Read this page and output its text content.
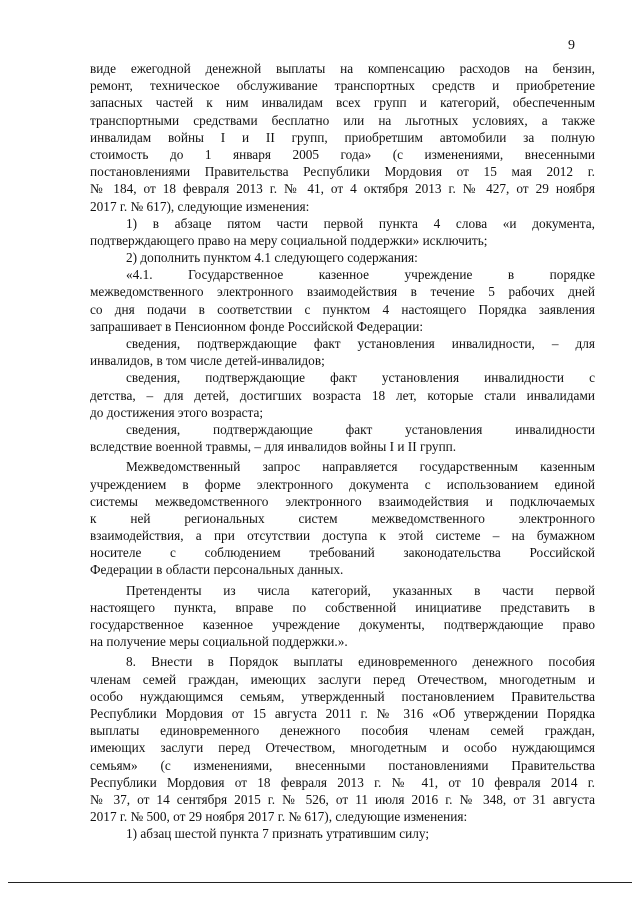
9
виде ежегодной денежной выплаты на компенсацию расходов на бензин,
ремонт, техническое обслуживание транспортных средств и приобретение
запасных частей к ним инвалидам всех групп и категорий, обеспеченным
транспортными средствами бесплатно или на льготных условиях, а также
инвалидам войны I и II групп, приобретшим автомобили за полную
стоимость до 1 января 2005 года» (с изменениями, внесенными
постановлениями Правительства Республики Мордовия от 15 мая 2012 г.
№ 184, от 18 февраля 2013 г. № 41, от 4 октября 2013 г. № 427, от 29 ноября
2017 г. № 617), следующие изменения:
1) в абзаце пятом части первой пункта 4 слова «и документа,
подтверждающего право на меру социальной поддержки» исключить;
2) дополнить пунктом 4.1 следующего содержания:
«4.1. Государственное казенное учреждение в порядке
межведомственного электронного взаимодействия в течение 5 рабочих дней
со дня подачи в соответствии с пунктом 4 настоящего Порядка заявления
запрашивает в Пенсионном фонде Российской Федерации:
сведения, подтверждающие факт установления инвалидности, – для
инвалидов, в том числе детей-инвалидов;
сведения, подтверждающие факт установления инвалидности с
детства, – для детей, достигших возраста 18 лет, которые стали инвалидами
до достижения этого возраста;
сведения, подтверждающие факт установления инвалидности
вследствие военной травмы, – для инвалидов войны I и II групп.
Межведомственный запрос направляется государственным казенным
учреждением в форме электронного документа с использованием единой
системы межведомственного электронного взаимодействия и подключаемых
к ней региональных систем межведомственного электронного
взаимодействия, а при отсутствии доступа к этой системе – на бумажном
носителе с соблюдением требований законодательства Российской
Федерации в области персональных данных.
Претенденты из числа категорий, указанных в части первой
настоящего пункта, вправе по собственной инициативе представить в
государственное казенное учреждение документы, подтверждающие право
на получение меры социальной поддержки.».
8. Внести в Порядок выплаты единовременного денежного пособия
членам семей граждан, имеющих заслуги перед Отечеством, многодетным и
особо нуждающимся семьям, утвержденный постановлением Правительства
Республики Мордовия от 15 августа 2011 г. № 316 «Об утверждении Порядка
выплаты единовременного денежного пособия членам семей граждан,
имеющих заслуги перед Отечеством, многодетным и особо нуждающимся
семьям» (с изменениями, внесенными постановлениями Правительства
Республики Мордовия от 18 февраля 2013 г. № 41, от 10 февраля 2014 г.
№ 37, от 14 сентября 2015 г. № 526, от 11 июля 2016 г. № 348, от 31 августа
2017 г. № 500, от 29 ноября 2017 г. № 617), следующие изменения:
1) абзац шестой пункта 7 признать утратившим силу;
